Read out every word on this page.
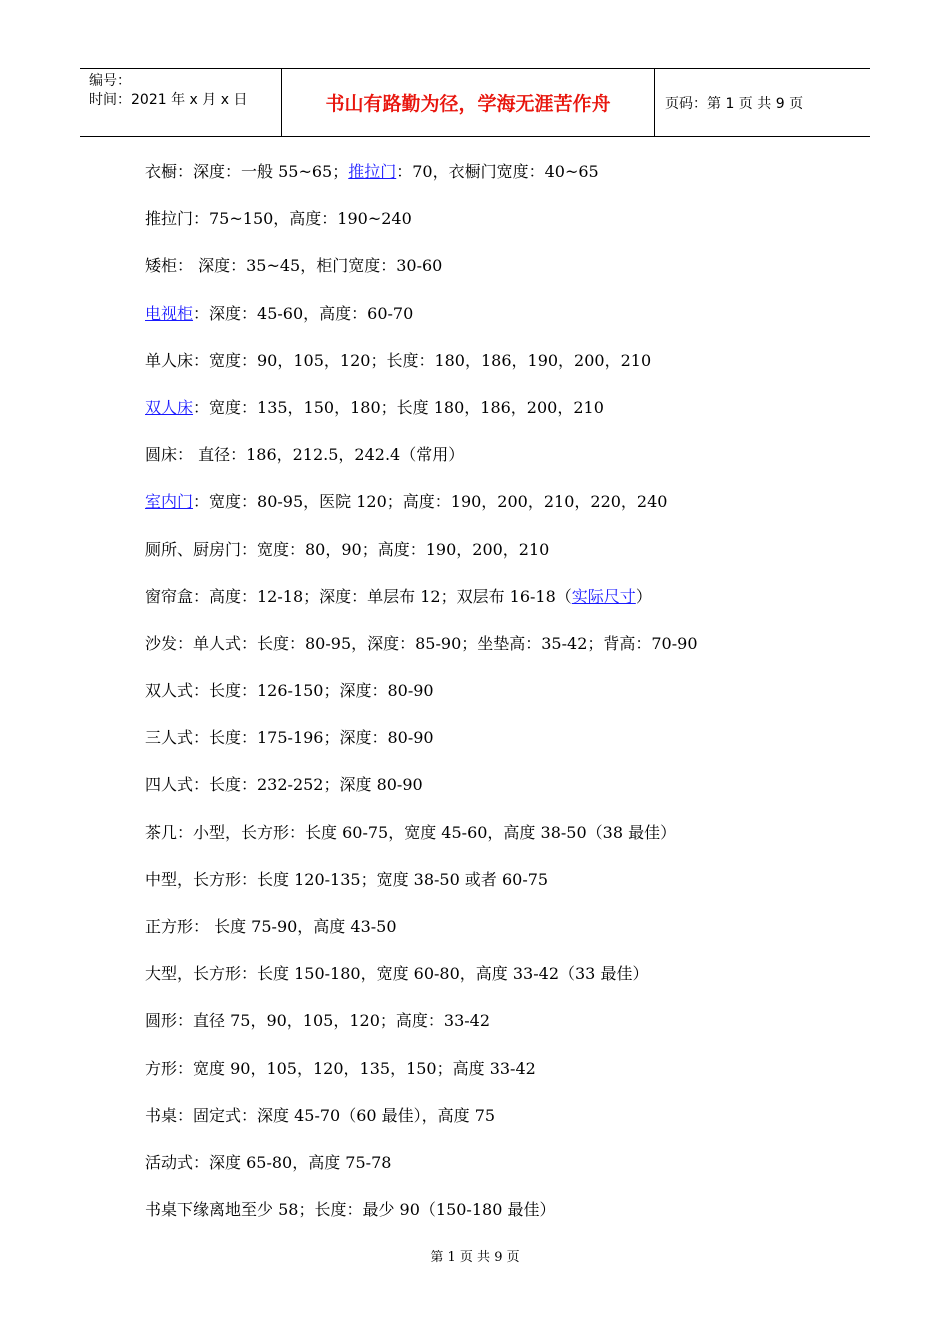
编号：
时间：2021 年 x 月 x 日	书山有路勤为径，学海无涯苦作舟	页码：第 1 页 共 9 页
衣橱：深度：一般 55~65；推拉门：70，衣橱门宽度：40~65
推拉门：75~150，高度：190~240
矮柜： 深度：35~45，柜门宽度：30-60
电视柜：深度：45-60，高度：60-70
单人床：宽度：90，105，120；长度：180，186，190，200，210
双人床：宽度：135，150，180；长度 180，186，200，210
圆床： 直径：186，212.5，242.4（常用）
室内门：宽度：80-95，医院 120；高度：190，200，210，220，240
厕所、厨房门：宽度：80，90；高度：190，200，210
窗帘盒：高度：12-18；深度：单层布 12；双层布 16-18（实际尺寸）
沙发：单人式：长度：80-95，深度：85-90；坐垫高：35-42；背高：70-90
双人式：长度：126-150；深度：80-90
三人式：长度：175-196；深度：80-90
四人式：长度：232-252；深度 80-90
茶几：小型，长方形：长度 60-75，宽度 45-60，高度 38-50（38 最佳）
中型，长方形：长度 120-135；宽度 38-50 或者 60-75
正方形： 长度 75-90，高度 43-50
大型，长方形：长度 150-180，宽度 60-80，高度 33-42（33 最佳）
圆形：直径 75，90，105，120；高度：33-42
方形：宽度 90，105，120，135，150；高度 33-42
书桌：固定式：深度 45-70（60 最佳），高度 75
活动式：深度 65-80，高度 75-78
书桌下缘离地至少 58；长度：最少 90（150-180 最佳）
第 1 页 共 9 页
